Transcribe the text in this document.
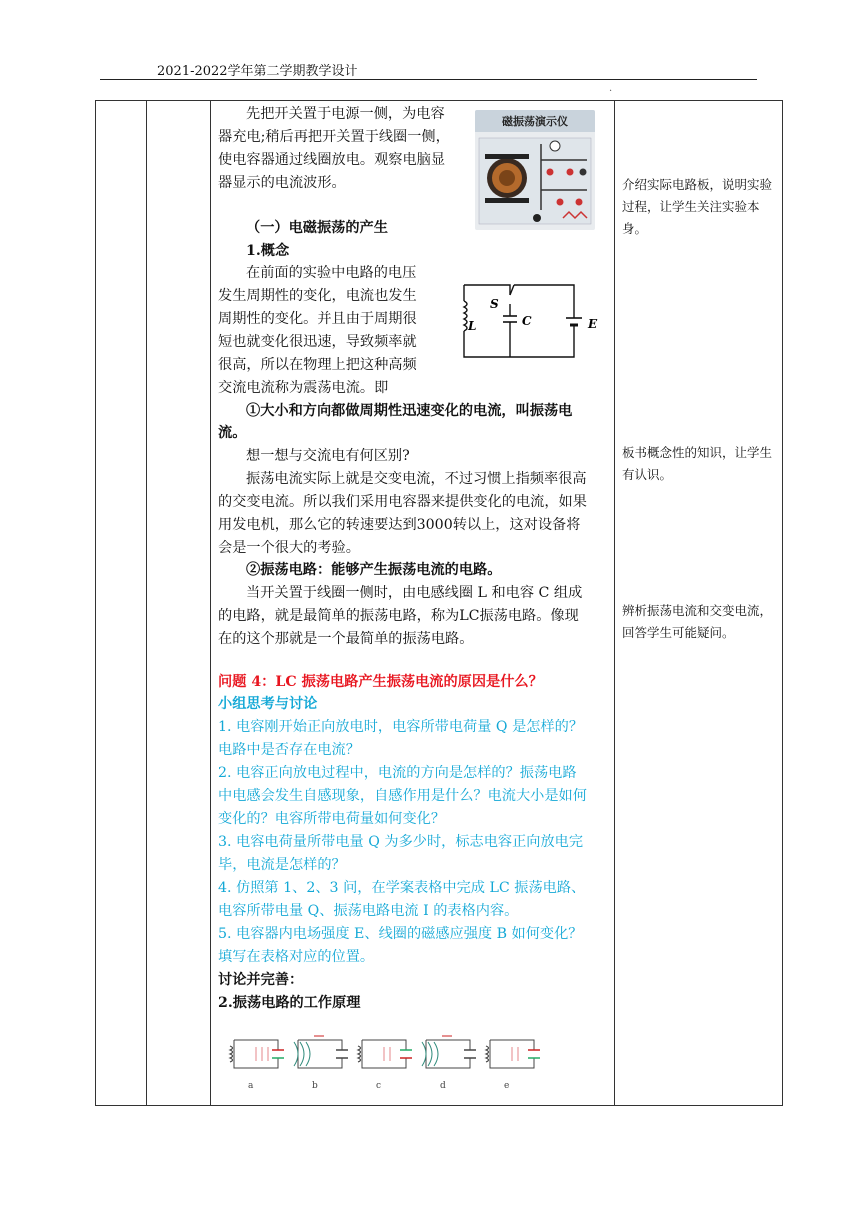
2021-2022学年第二学期教学设计
·
磁振荡演示仪
L
S
C	E
a	b	c	d	e
先把开关置于电源一侧，为电容
器充电;稍后再把开关置于线圈一侧，
使电容器通过线圈放电。观察电脑显
器显示的电流波形。
（一）电磁振荡的产生
1.概念
在前面的实验中电路的电压
发生周期性的变化，电流也发生
周期性的变化。并且由于周期很
短也就变化很迅速，导致频率就
很高，所以在物理上把这种高频
交流电流称为震荡电流。即
①大小和方向都做周期性迅速变化的电流，叫振荡电
流。
想一想与交流电有何区别?
振荡电流实际上就是交变电流，不过习惯上指频率很高
的交变电流。所以我们采用电容器来提供变化的电流，如果
用发电机，那么它的转速要达到3000转以上，这对设备将
会是一个很大的考验。
②振荡电路：能够产生振荡电流的电路。
当开关置于线圈一侧时，由电感线圈 L 和电容 C 组成
的电路，就是最简单的振荡电路，称为LC振荡电路。像现
在的这个那就是一个最简单的振荡电路。
问题 4：LC 振荡电路产生振荡电流的原因是什么？
小组思考与讨论
1. 电容刚开始正向放电时，电容所带电荷量 Q 是怎样的？
电路中是否存在电流？
2. 电容正向放电过程中，电流的方向是怎样的？振荡电路
中电感会发生自感现象，自感作用是什么？电流大小是如何
变化的？电容所带电荷量如何变化？
3. 电容电荷量所带电量 Q 为多少时，标志电容正向放电完
毕，电流是怎样的？
4. 仿照第 1、2、3 问，在学案表格中完成 LC 振荡电路、
电容所带电量 Q、振荡电路电流 I 的表格内容。
5. 电容器内电场强度 E、线圈的磁感应强度 B 如何变化？
填写在表格对应的位置。
讨论并完善：
2.振荡电路的工作原理
介绍实际电路板，说明实验
过程，让学生关注实验本
身。
板书概念性的知识，让学生
有认识。
辨析振荡电流和交变电流，
回答学生可能疑问。
